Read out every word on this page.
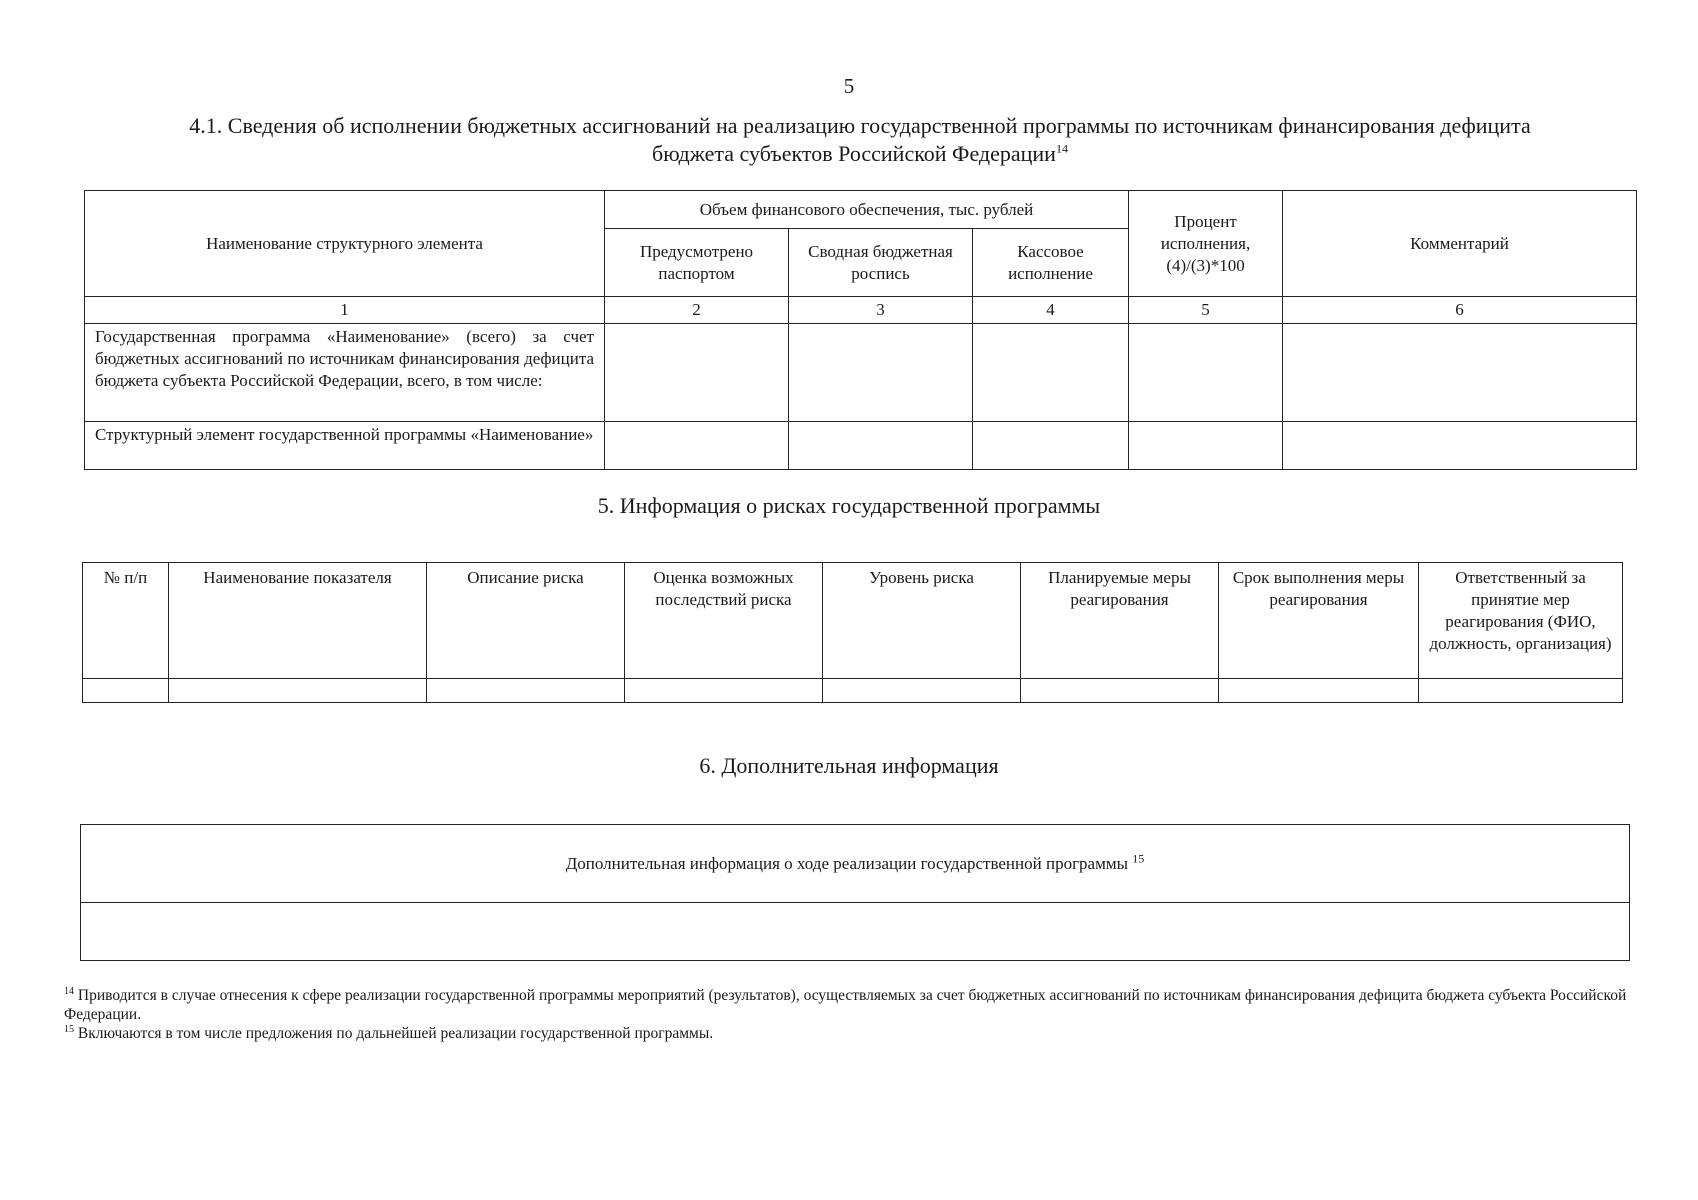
5
4.1. Сведения об исполнении бюджетных ассигнований на реализацию государственной программы по источникам финансирования дефицита
бюджета субъектов Российской Федерации$^{14}$
Наименование структурного элемента	Объем финансового обеспечения, тыс. рублей			Процент исполнения, (4)/(3)*100	Комментарий
	Предусмотрено паспортом	Сводная бюджетная роспись	Кассовое исполнение		
1	2	3	4	5	6
Государственная программа «Наименование» (всего) за счет бюджетных ассигнований по источникам финансирования дефицита бюджета субъекта Российской Федерации, всего, в том числе:					
Структурный элемент государственной программы «Наименование»					
5. Информация о рисках государственной программы
№ п/п	Наименование показателя	Описание риска	Оценка возможных последствий риска	Уровень риска	Планируемые меры реагирования	Срок выполнения меры реагирования	Ответственный за принятие мер реагирования (ФИО, должность, организация)

6. Дополнительная информация
Дополнительная информация о ходе реализации государственной программы $^{15}$

$^{14}$ Приводится в случае отнесения к сфере реализации государственной программы мероприятий (результатов), осуществляемых за счет бюджетных ассигнований по источникам финансирования дефицита бюджета субъекта Российской Федерации.

$^{15}$ Включаются в том числе предложения по дальнейшей реализации государственной программы.
